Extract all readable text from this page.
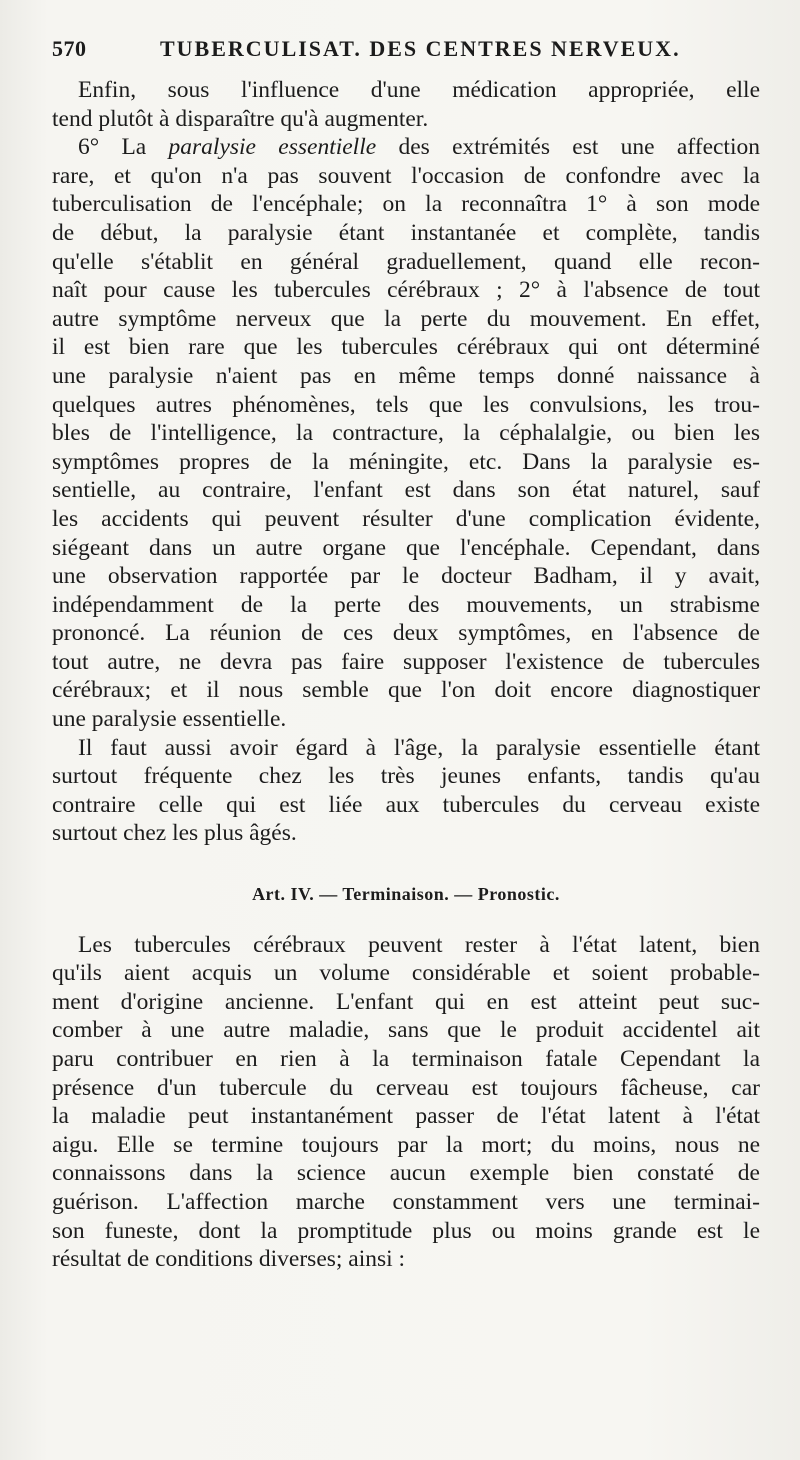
570	TUBERCULISAT. DES CENTRES NERVEUX.

Enfin, sous l'influence d'une médication appropriée, elle
tend plutôt à disparaître qu'à augmenter.

6° La paralysie essentielle des extrémités est une affection
rare, et qu'on n'a pas souvent l'occasion de confondre avec la
tuberculisation de l'encéphale; on la reconnaîtra 1° à son mode
de début, la paralysie étant instantanée et complète, tandis
qu'elle s'établit en général graduellement, quand elle recon-
naît pour cause les tubercules cérébraux ; 2° à l'absence de tout
autre symptôme nerveux que la perte du mouvement. En effet,
il est bien rare que les tubercules cérébraux qui ont déterminé
une paralysie n'aient pas en même temps donné naissance à
quelques autres phénomènes, tels que les convulsions, les trou-
bles de l'intelligence, la contracture, la céphalalgie, ou bien les
symptômes propres de la méningite, etc. Dans la paralysie es-
sentielle, au contraire, l'enfant est dans son état naturel, sauf
les accidents qui peuvent résulter d'une complication évidente,
siégeant dans un autre organe que l'encéphale. Cependant, dans
une observation rapportée par le docteur Badham, il y avait,
indépendamment de la perte des mouvements, un strabisme
prononcé. La réunion de ces deux symptômes, en l'absence de
tout autre, ne devra pas faire supposer l'existence de tubercules
cérébraux; et il nous semble que l'on doit encore diagnostiquer
une paralysie essentielle.

Il faut aussi avoir égard à l'âge, la paralysie essentielle étant
surtout fréquente chez les très jeunes enfants, tandis qu'au
contraire celle qui est liée aux tubercules du cerveau existe
surtout chez les plus âgés.

Art. IV. — Terminaison. — Pronostic.

Les tubercules cérébraux peuvent rester à l'état latent, bien
qu'ils aient acquis un volume considérable et soient probable-
ment d'origine ancienne. L'enfant qui en est atteint peut suc-
comber à une autre maladie, sans que le produit accidentel ait
paru contribuer en rien à la terminaison fatale Cependant la
présence d'un tubercule du cerveau est toujours fâcheuse, car
la maladie peut instantanément passer de l'état latent à l'état
aigu. Elle se termine toujours par la mort; du moins, nous ne
connaissons dans la science aucun exemple bien constaté de
guérison. L'affection marche constamment vers une terminai-
son funeste, dont la promptitude plus ou moins grande est le
résultat de conditions diverses; ainsi :
